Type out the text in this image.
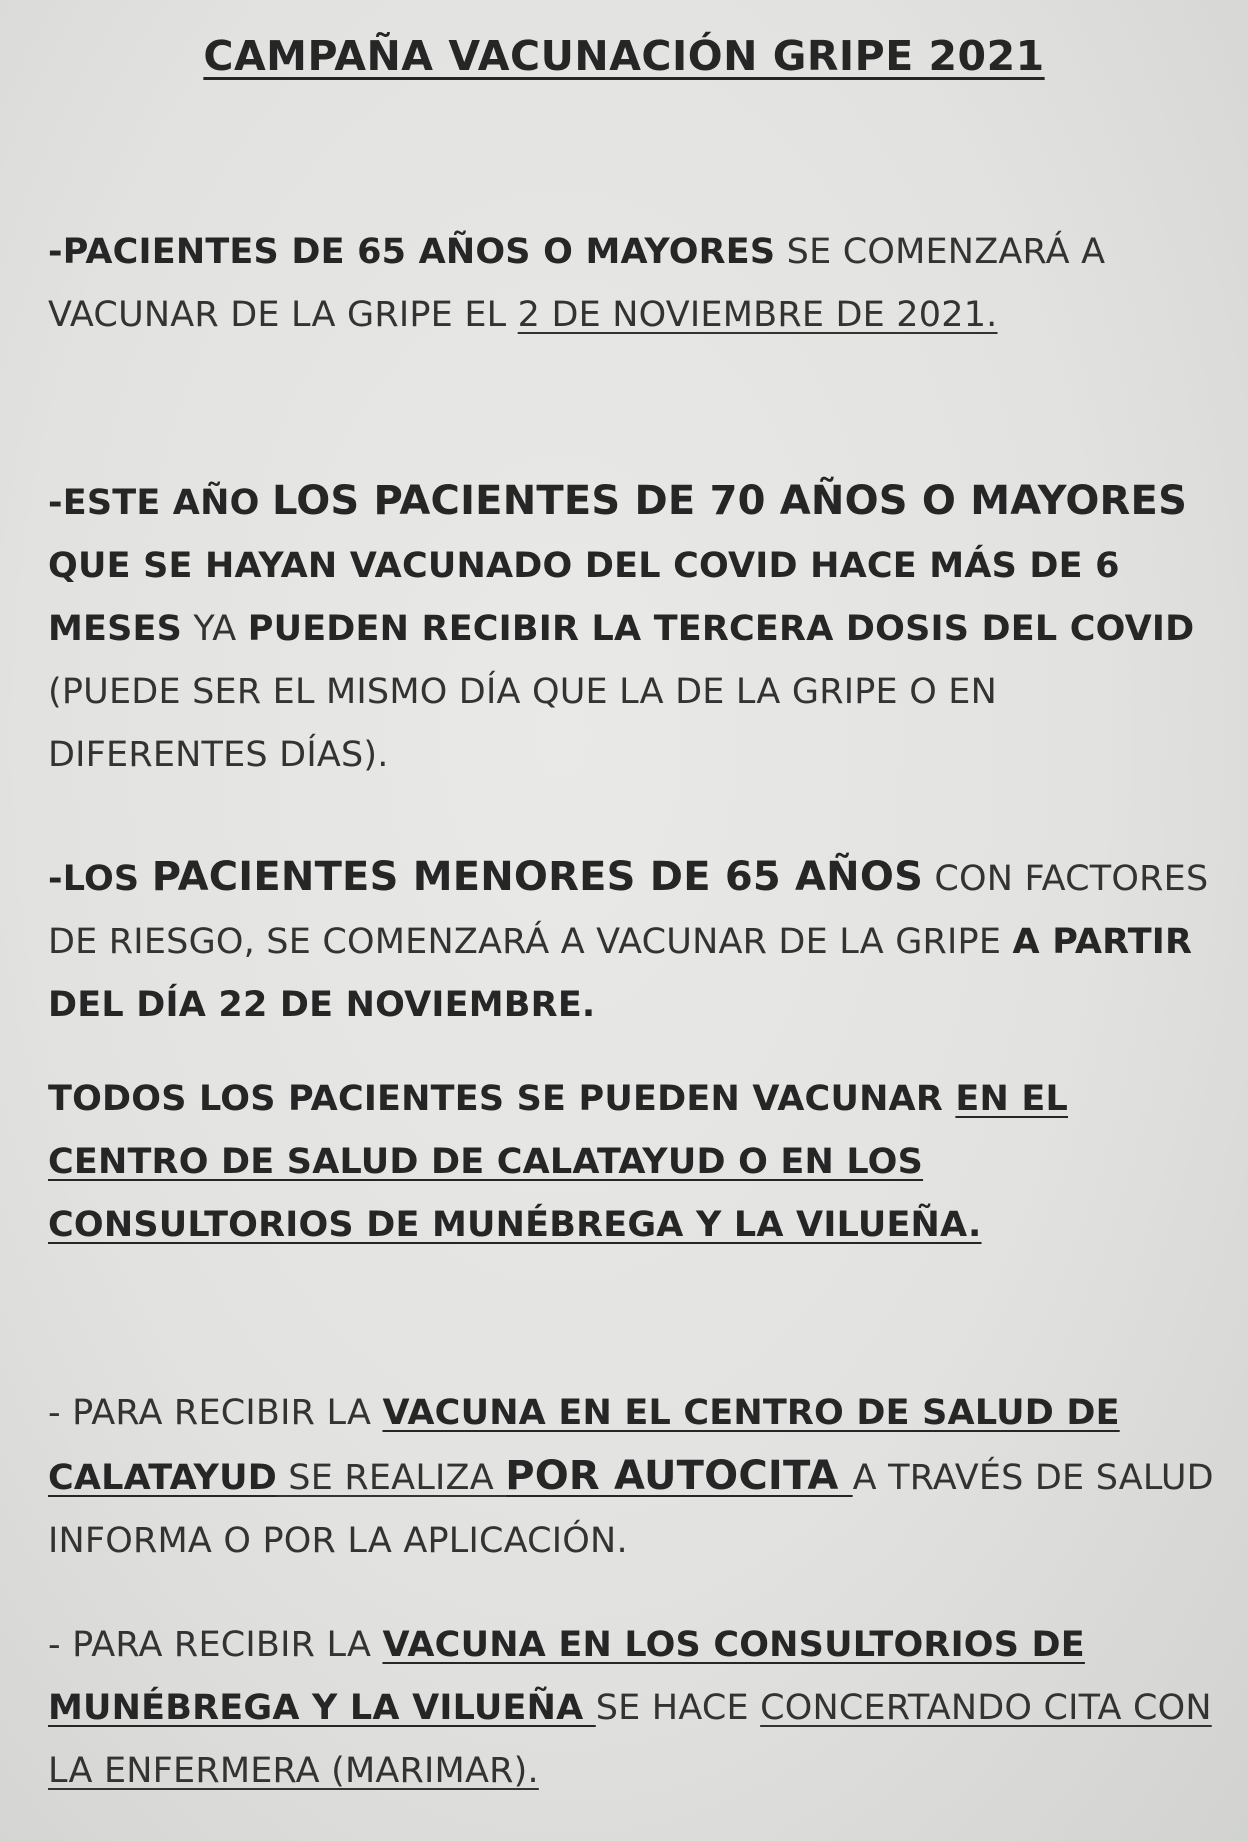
CAMPAÑA VACUNACIÓN GRIPE 2021

-PACIENTES DE 65 AÑOS O MAYORES SE COMENZARÁ A VACUNAR DE LA GRIPE EL 2 DE NOVIEMBRE DE 2021.

-ESTE AÑO LOS PACIENTES DE 70 AÑOS O MAYORES QUE SE HAYAN VACUNADO DEL COVID HACE MÁS DE 6 MESES YA PUEDEN RECIBIR LA TERCERA DOSIS DEL COVID (PUEDE SER EL MISMO DÍA QUE LA DE LA GRIPE O EN DIFERENTES DÍAS).

-LOS PACIENTES MENORES DE 65 AÑOS CON FACTORES DE RIESGO, SE COMENZARÁ A VACUNAR DE LA GRIPE A PARTIR DEL DÍA 22 DE NOVIEMBRE.

TODOS LOS PACIENTES SE PUEDEN VACUNAR EN EL CENTRO DE SALUD DE CALATAYUD O EN LOS CONSULTORIOS DE MUNÉBREGA Y LA VILUEÑA.

- PARA RECIBIR LA VACUNA EN EL CENTRO DE SALUD DE CALATAYUD SE REALIZA POR AUTOCITA A TRAVÉS DE SALUD INFORMA O POR LA APLICACIÓN.

- PARA RECIBIR LA VACUNA EN LOS CONSULTORIOS DE MUNÉBREGA Y LA VILUEÑA SE HACE CONCERTANDO CITA CON LA ENFERMERA (MARIMAR).
